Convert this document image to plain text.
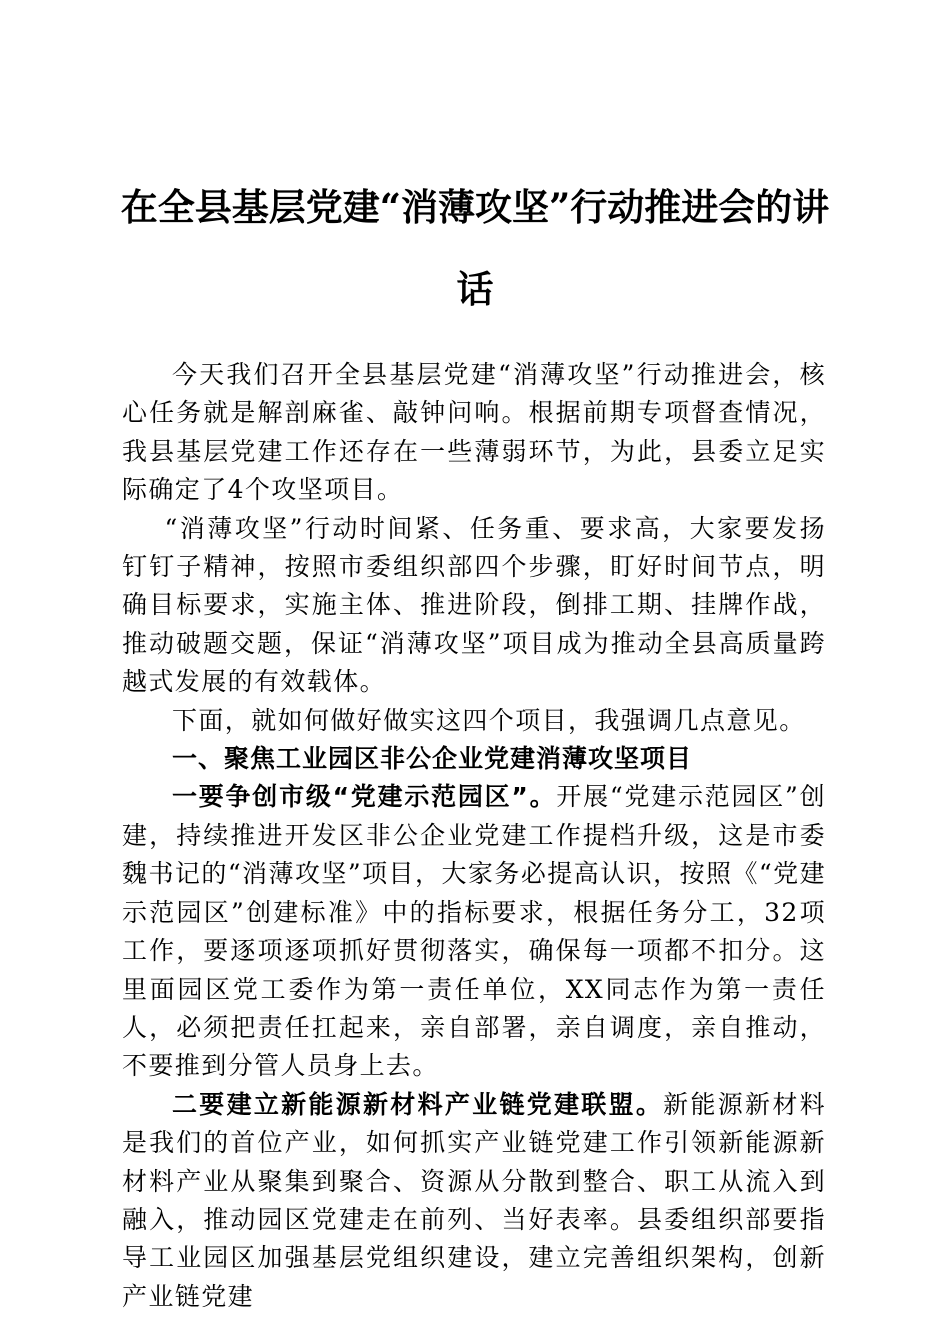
在全县基层党建“消薄攻坚”行动推进会的讲话

今天我们召开全县基层党建“消薄攻坚”行动推进会，核心任务就是解剖麻雀、敲钟问响。根据前期专项督查情况，我县基层党建工作还存在一些薄弱环节，为此，县委立足实际确定了4个攻坚项目。

“消薄攻坚”行动时间紧、任务重、要求高，大家要发扬钉钉子精神，按照市委组织部四个步骤，盯好时间节点，明确目标要求，实施主体、推进阶段，倒排工期、挂牌作战，推动破题交题，保证“消薄攻坚”项目成为推动全县高质量跨越式发展的有效载体。

下面，就如何做好做实这四个项目，我强调几点意见。

一、聚焦工业园区非公企业党建消薄攻坚项目

一要争创市级“党建示范园区”。开展“党建示范园区”创建，持续推进开发区非公企业党建工作提档升级，这是市委魏书记的“消薄攻坚”项目，大家务必提高认识，按照《“党建示范园区”创建标准》中的指标要求，根据任务分工，32项工作，要逐项逐项抓好贯彻落实，确保每一项都不扣分。这里面园区党工委作为第一责任单位，XX同志作为第一责任人，必须把责任扛起来，亲自部署，亲自调度，亲自推动，不要推到分管人员身上去。

二要建立新能源新材料产业链党建联盟。新能源新材料是我们的首位产业，如何抓实产业链党建工作引领新能源新材料产业从聚集到聚合、资源从分散到整合、职工从流入到融入，推动园区党建走在前列、当好表率。县委组织部要指导工业园区加强基层党组织建设，建立完善组织架构，创新产业链党建
